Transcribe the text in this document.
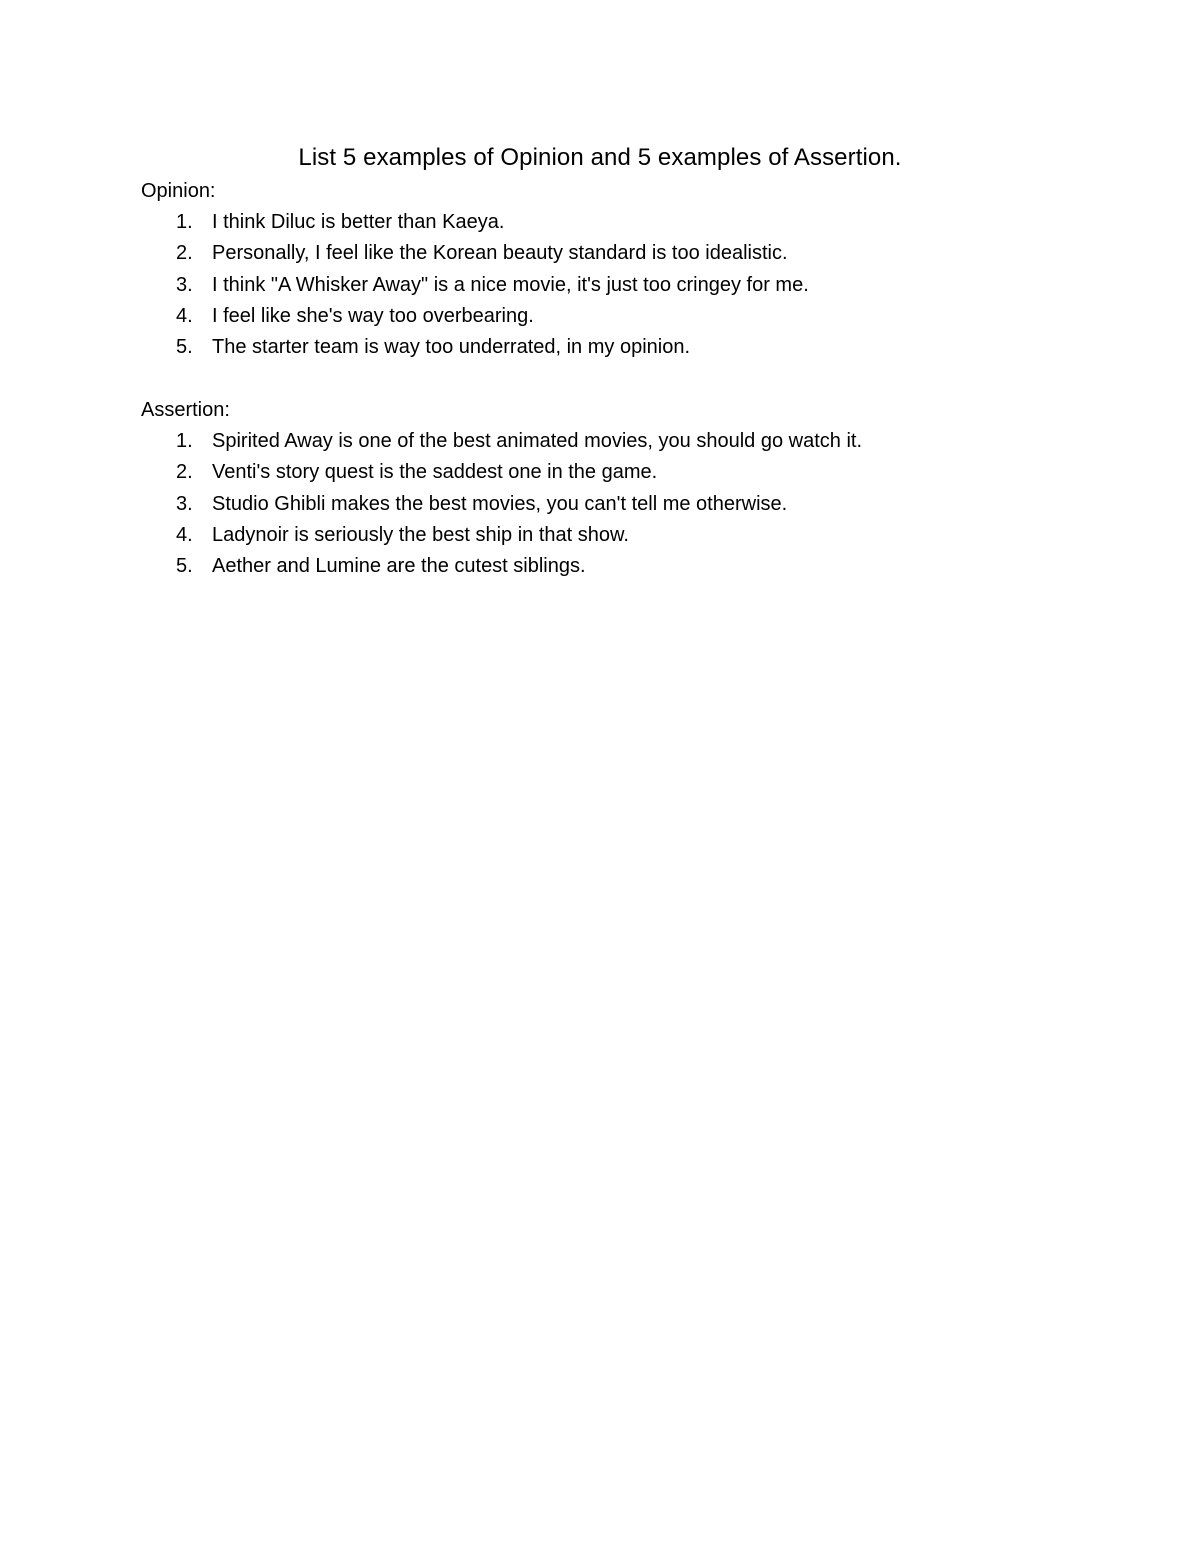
List 5 examples of Opinion and 5 examples of Assertion.

Opinion:

1. I think Diluc is better than Kaeya.
2. Personally, I feel like the Korean beauty standard is too idealistic.
3. I think "A Whisker Away" is a nice movie, it's just too cringey for me.
4. I feel like she's way too overbearing.
5. The starter team is way too underrated, in my opinion.

Assertion:

1. Spirited Away is one of the best animated movies, you should go watch it.
2. Venti's story quest is the saddest one in the game.
3. Studio Ghibli makes the best movies, you can't tell me otherwise.
4. Ladynoir is seriously the best ship in that show.
5. Aether and Lumine are the cutest siblings.
